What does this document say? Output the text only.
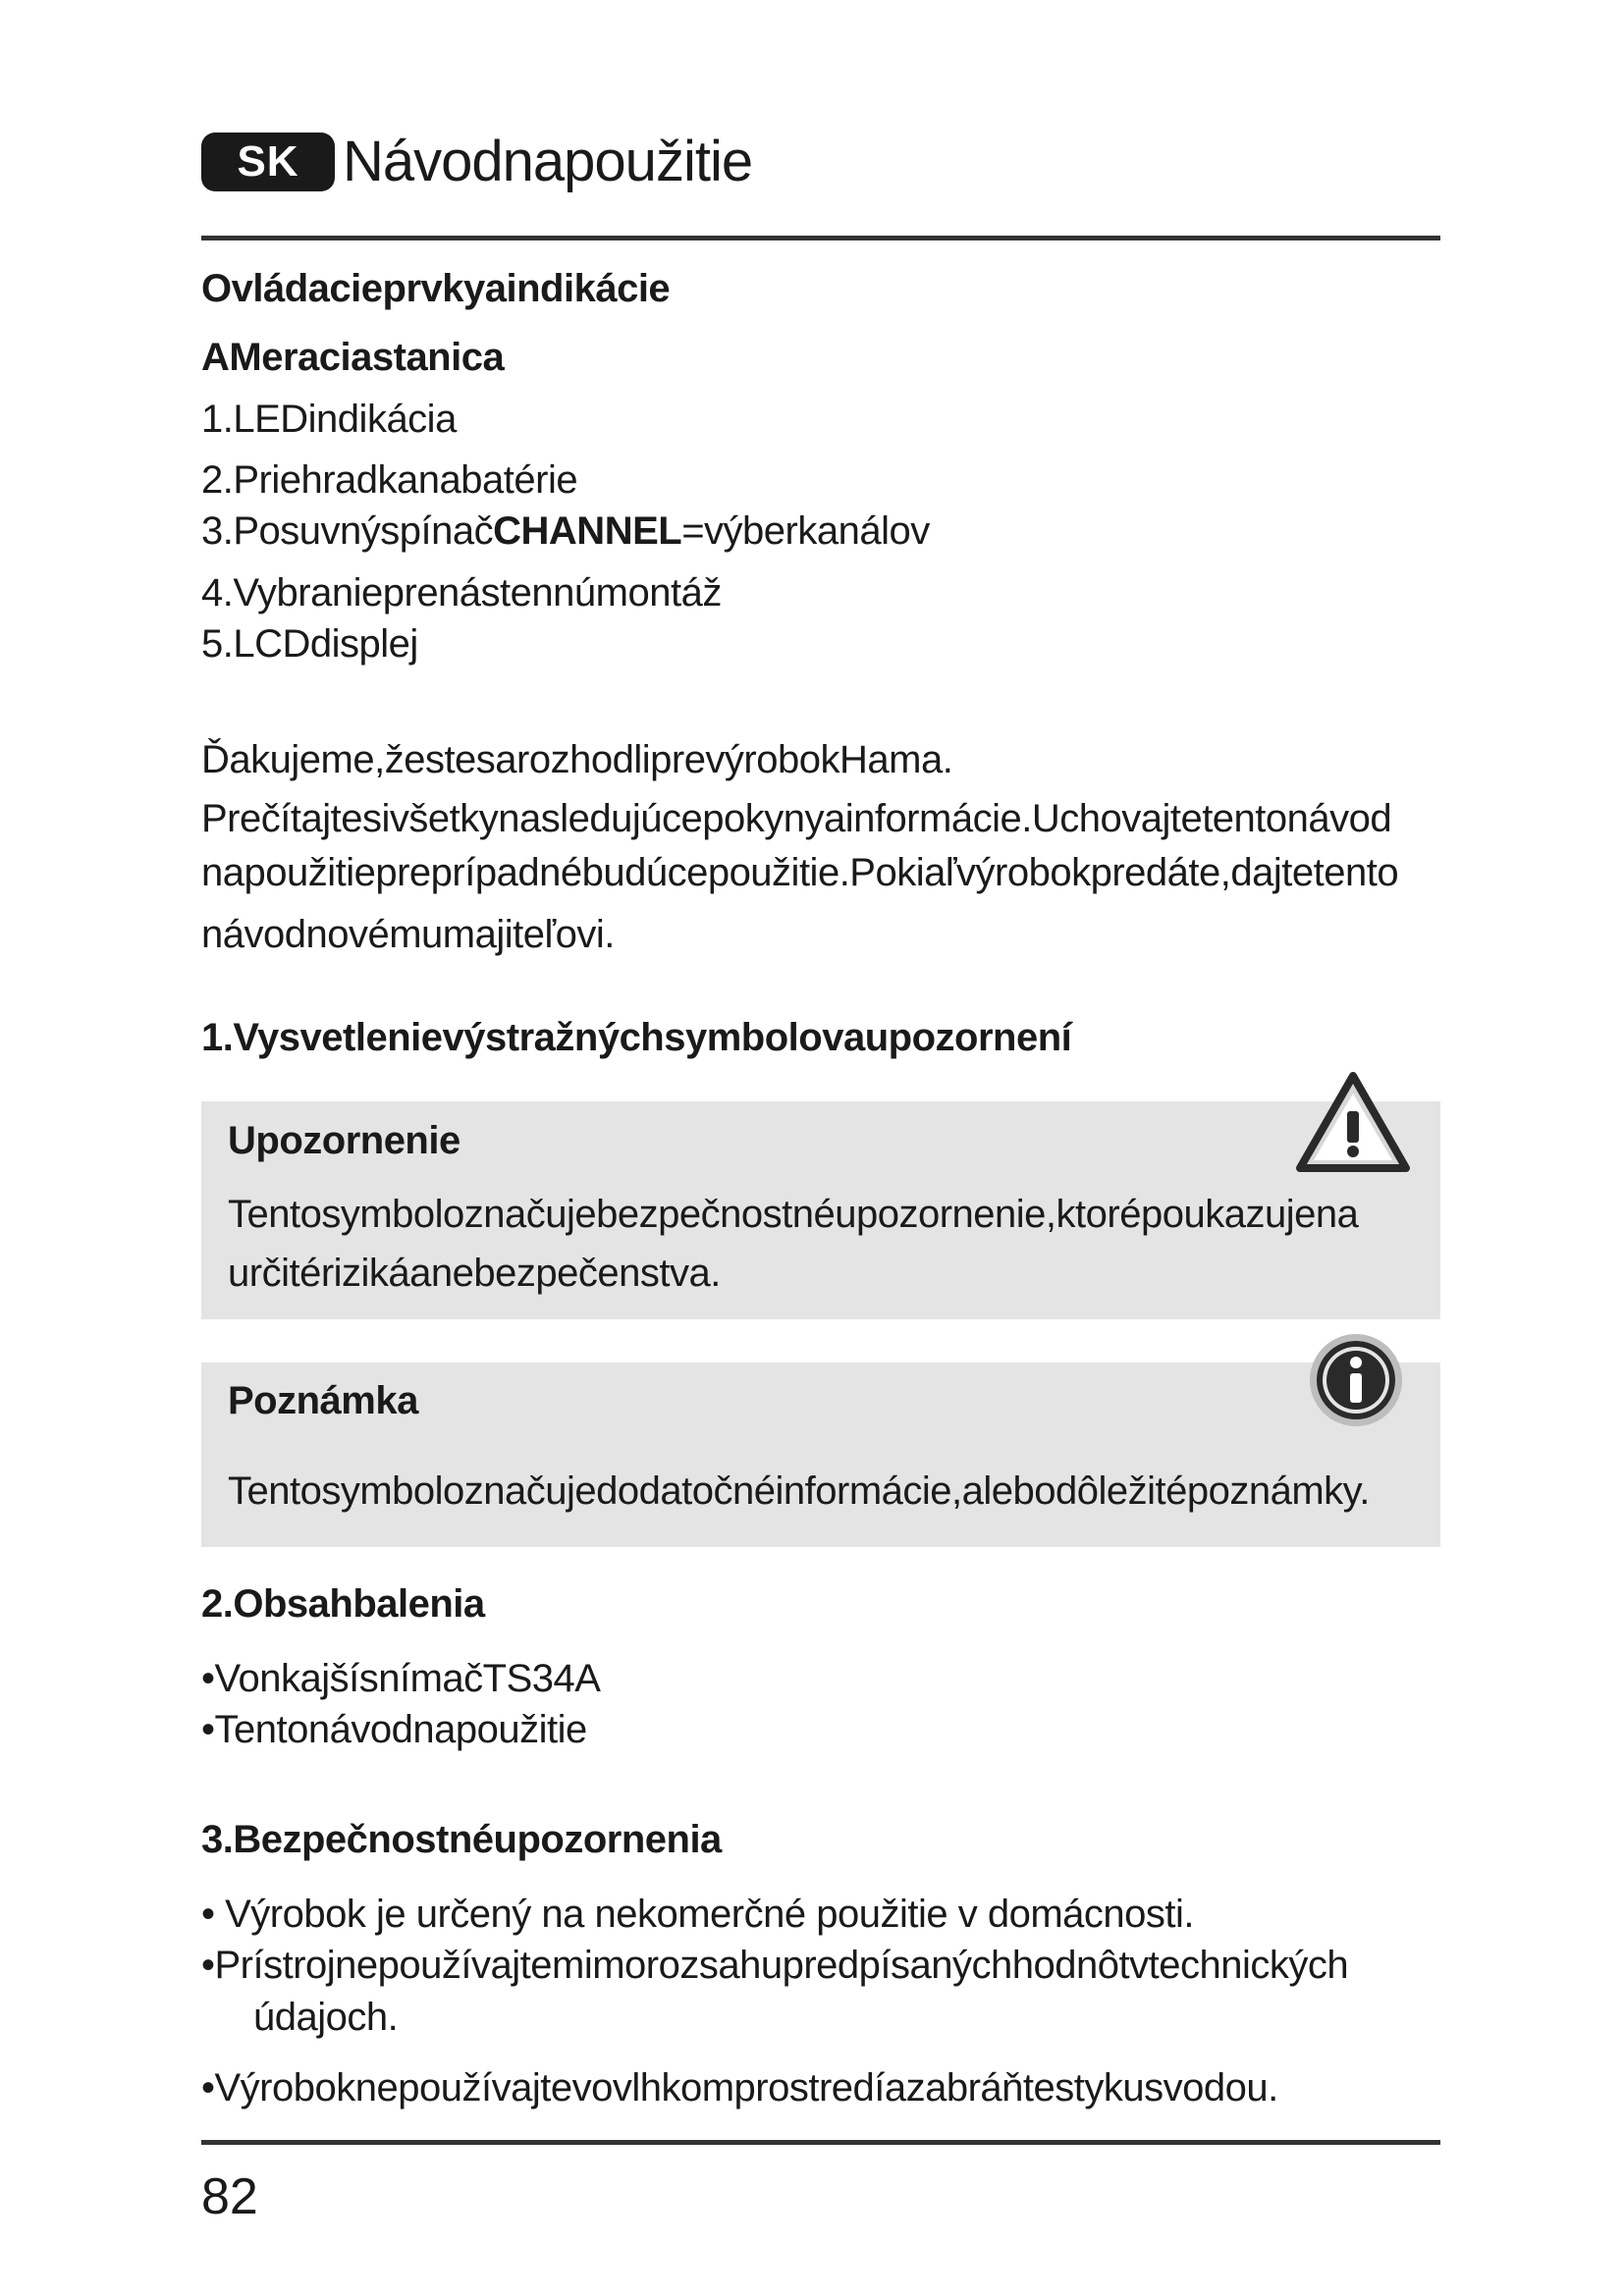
SK Návodnapoužitie
Ovládacieprvkyaindikácie
AMeraciastanica
1.LEDindikácia
2.Priehradkanabatérie
3.PosuvnýspínačCHANNEL=výberkanálov
4.Vybranieprenástennúmontáž
5.LCDdisplej
Ďakujeme,žestesarozhodliprevýrobokHama.
Prečítajtesivšetkynasledujúcepokynyainformácie.Uchovajtetentonávod
napoužitiepreprípadnébudúcepoužitie.Pokiaľvýrobokpredáte,dajtetento
návodnovémumajiteľovi.
1.Vysvetlenievýstražnýchsymbolovaupozornení
Upozornenie
Tentosymboloznačujebezpečnostnéupozornenie,ktorépoukazujena
určitérizikáanebezpečenstva.
Poznámka
Tentosymboloznačujedodatočnéinformácie,alebodôležitépoznámky.
2.Obsahbalenia
•VonkajšísnímačTS34A
•Tentonávodnapoužitie
3.Bezpečnostnéupozornenia
• Výrobok je určený na nekomerčné použitie v domácnosti.
•Prístrojnepoužívajtemimorozsahupredpísanýchhodnôtvtechnických
údajoch.
•Výroboknepoužívajtevovlhkomprostredíazabráňtestykusvodou.
82
